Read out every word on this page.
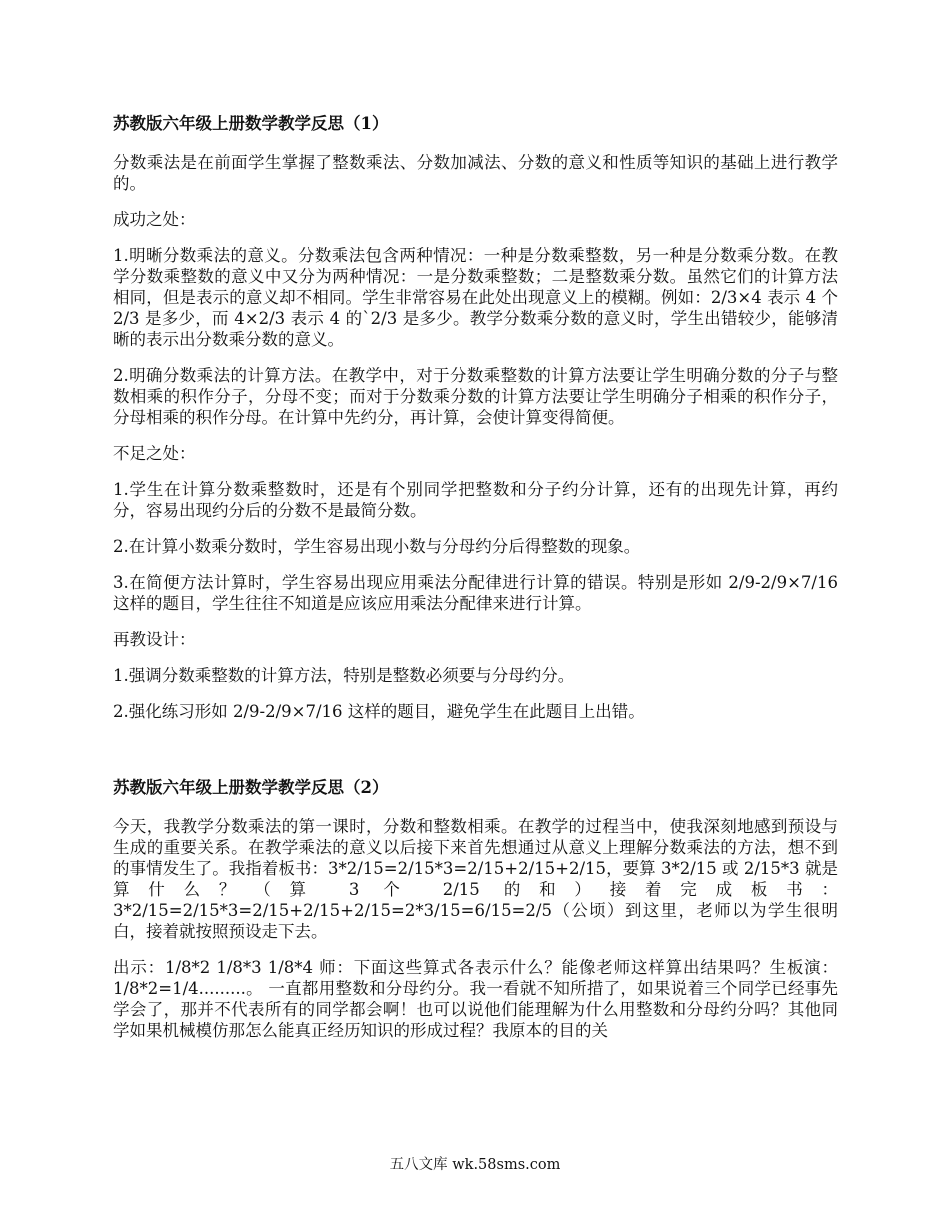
苏教版六年级上册数学教学反思（1）

分数乘法是在前面学生掌握了整数乘法、分数加减法、分数的意义和性质等知识的基础上进行教学的。

成功之处：

1.明晰分数乘法的意义。分数乘法包含两种情况：一种是分数乘整数，另一种是分数乘分数。在教学分数乘整数的意义中又分为两种情况：一是分数乘整数；二是整数乘分数。虽然它们的计算方法相同，但是表示的意义却不相同。学生非常容易在此处出现意义上的模糊。例如：2/3×4 表示 4 个 2/3 是多少，而 4×2/3 表示 4 的`2/3 是多少。教学分数乘分数的意义时，学生出错较少，能够清晰的表示出分数乘分数的意义。

2.明确分数乘法的计算方法。在教学中，对于分数乘整数的计算方法要让学生明确分数的分子与整数相乘的积作分子，分母不变；而对于分数乘分数的计算方法要让学生明确分子相乘的积作分子，分母相乘的积作分母。在计算中先约分，再计算，会使计算变得简便。

不足之处：

1.学生在计算分数乘整数时，还是有个别同学把整数和分子约分计算，还有的出现先计算，再约分，容易出现约分后的分数不是最简分数。

2.在计算小数乘分数时，学生容易出现小数与分母约分后得整数的现象。

3.在简便方法计算时，学生容易出现应用乘法分配律进行计算的错误。特别是形如 2/9-2/9×7/16 这样的题目，学生往往不知道是应该应用乘法分配律来进行计算。

再教设计：

1.强调分数乘整数的计算方法，特别是整数必须要与分母约分。

2.强化练习形如 2/9-2/9×7/16 这样的题目，避免学生在此题目上出错。

苏教版六年级上册数学教学反思（2）

今天，我教学分数乘法的第一课时，分数和整数相乘。在教学的过程当中，使我深刻地感到预设与生成的重要关系。在教学乘法的意义以后接下来首先想通过从意义上理解分数乘法的方法，想不到的事情发生了。我指着板书：3*2/15=2/15*3=2/15+2/15+2/15，要算 3*2/15 或 2/15*3 就是算什么？（算 3 个 2/15 的和）接着完成板书：3*2/15=2/15*3=2/15+2/15+2/15=2*3/15=6/15=2/5（公顷）到这里，老师以为学生很明白，接着就按照预设走下去。

出示：1/8*2 1/8*3 1/8*4 师：下面这些算式各表示什么？能像老师这样算出结果吗？生板演：1/8*2=1/4.........。 一直都用整数和分母约分。我一看就不知所措了，如果说着三个同学已经事先学会了，那并不代表所有的同学都会啊！也可以说他们能理解为什么用整数和分母约分吗？其他同学如果机械模仿那怎么能真正经历知识的形成过程？我原本的目的关

五八文库 wk.58sms.com
